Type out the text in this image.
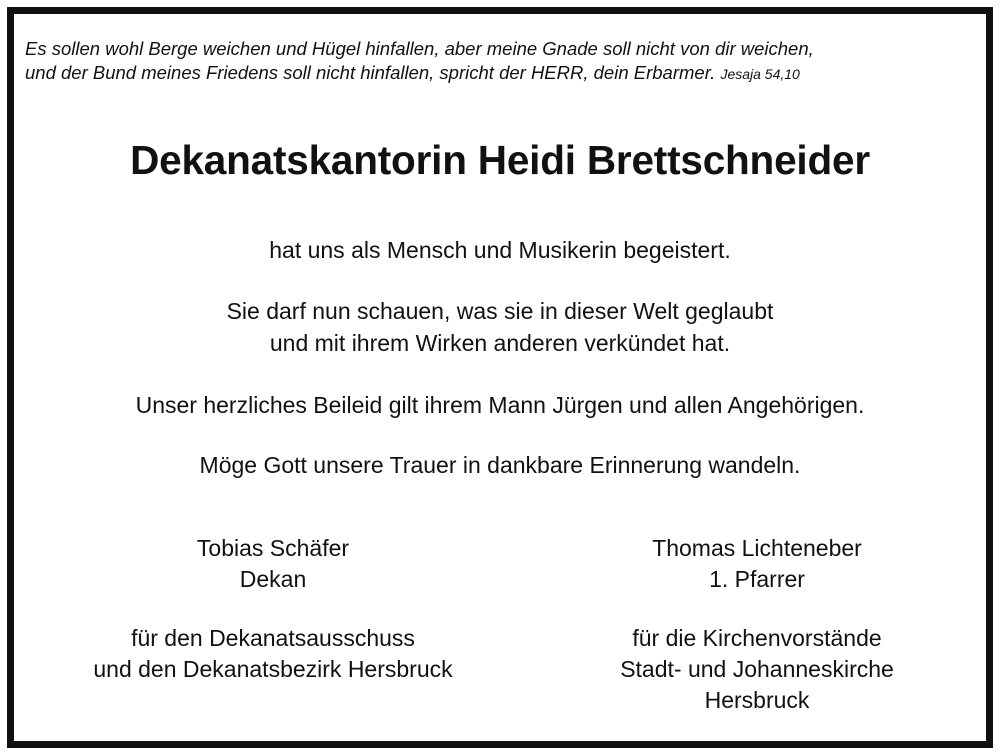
Es sollen wohl Berge weichen und Hügel hinfallen, aber meine Gnade soll nicht von dir weichen,
und der Bund meines Friedens soll nicht hinfallen, spricht der HERR, dein Erbarmer. Jesaja 54,10
Dekanatskantorin Heidi Brettschneider
hat uns als Mensch und Musikerin begeistert.
Sie darf nun schauen, was sie in dieser Welt geglaubt
und mit ihrem Wirken anderen verkündet hat.
Unser herzliches Beileid gilt ihrem Mann Jürgen und allen Angehörigen.
Möge Gott unsere Trauer in dankbare Erinnerung wandeln.
Tobias Schäfer
Dekan
Thomas Lichteneber
1. Pfarrer
für den Dekanatsausschuss
und den Dekanatsbezirk Hersbruck
für die Kirchenvorstände
Stadt- und Johanneskirche
Hersbruck
